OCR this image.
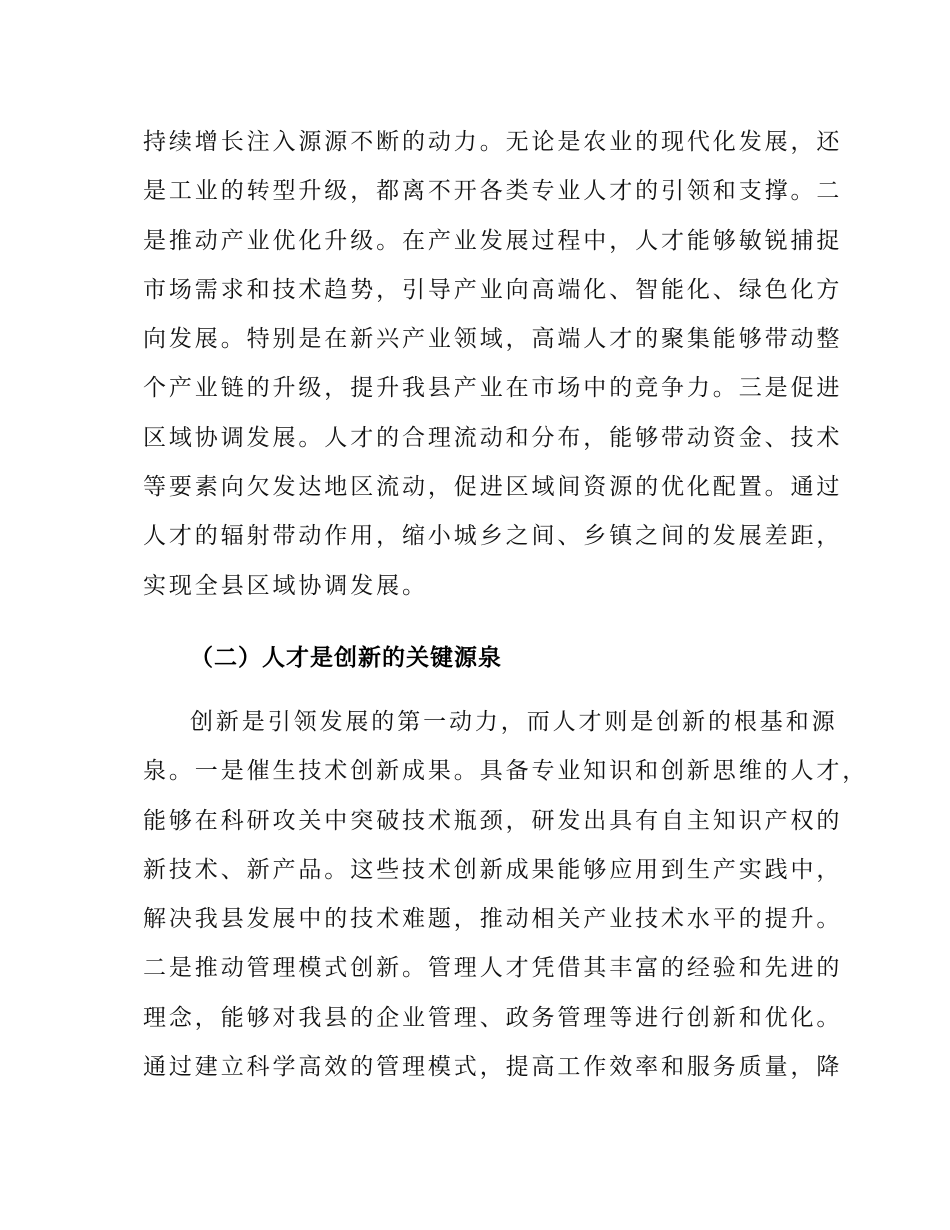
持续增长注入源源不断的动力。无论是农业的现代化发展，还
是工业的转型升级，都离不开各类专业人才的引领和支撑。二
是推动产业优化升级。在产业发展过程中，人才能够敏锐捕捉
市场需求和技术趋势，引导产业向高端化、智能化、绿色化方
向发展。特别是在新兴产业领域，高端人才的聚集能够带动整
个产业链的升级，提升我县产业在市场中的竞争力。三是促进
区域协调发展。人才的合理流动和分布，能够带动资金、技术
等要素向欠发达地区流动，促进区域间资源的优化配置。通过
人才的辐射带动作用，缩小城乡之间、乡镇之间的发展差距，
实现全县区域协调发展。
（二）人才是创新的关键源泉
创新是引领发展的第一动力，而人才则是创新的根基和源
泉。一是催生技术创新成果。具备专业知识和创新思维的人才，
能够在科研攻关中突破技术瓶颈，研发出具有自主知识产权的
新技术、新产品。这些技术创新成果能够应用到生产实践中，
解决我县发展中的技术难题，推动相关产业技术水平的提升。
二是推动管理模式创新。管理人才凭借其丰富的经验和先进的
理念，能够对我县的企业管理、政务管理等进行创新和优化。
通过建立科学高效的管理模式，提高工作效率和服务质量，降
